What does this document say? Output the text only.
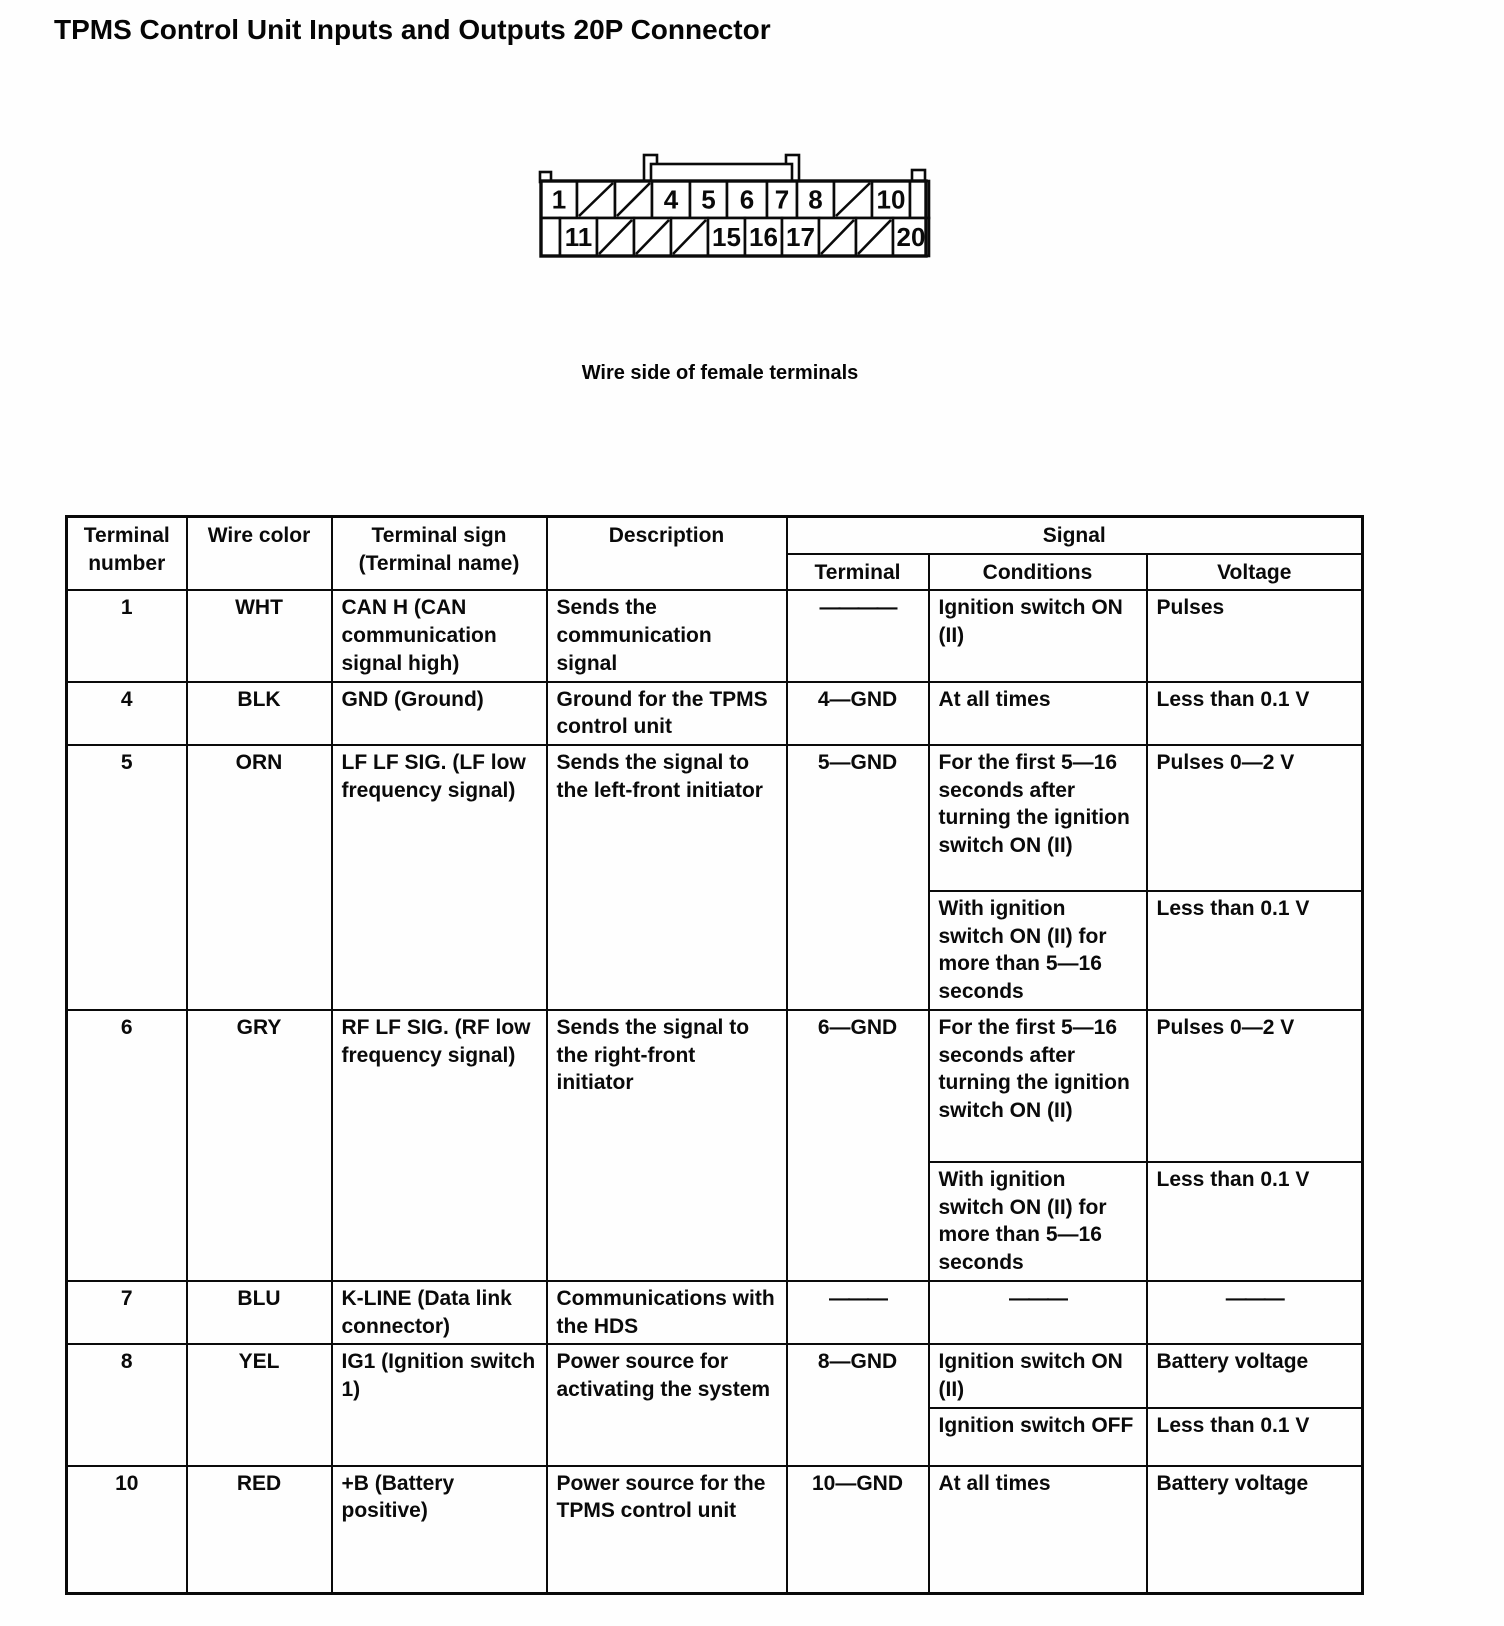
TPMS Control Unit Inputs and Outputs 20P Connector
1	4 5 6 7 8 10
11	15 16 17	20
Wire side of female terminals
Terminal number	Wire color	Terminal sign (Terminal name)	Description	Signal		
				Terminal	Conditions	Voltage
1	WHT	CAN H (CAN communication signal high)	Sends the communication signal	————	Ignition switch ON (II)	Pulses
4	BLK	GND (Ground)	Ground for the TPMS control unit	4—GND	At all times	Less than 0.1 V
5	ORN	LF LF SIG. (LF low frequency signal)	Sends the signal to the left-front initiator	5—GND	For the first 5—16 seconds after turning the ignition switch ON (II)	Pulses 0—2 V
					With ignition switch ON (II) for more than 5—16 seconds	Less than 0.1 V
6	GRY	RF LF SIG. (RF low frequency signal)	Sends the signal to the right-front initiator	6—GND	For the first 5—16 seconds after turning the ignition switch ON (II)	Pulses 0—2 V
					With ignition switch ON (II) for more than 5—16 seconds	Less than 0.1 V
7	BLU	K-LINE (Data link connector)	Communications with the HDS	———	———	———
8	YEL	IG1 (Ignition switch 1)	Power source for activating the system	8—GND	Ignition switch ON (II)	Battery voltage
					Ignition switch OFF	Less than 0.1 V
10	RED	+B (Battery positive)	Power source for the TPMS control unit	10—GND	At all times	Battery voltage
